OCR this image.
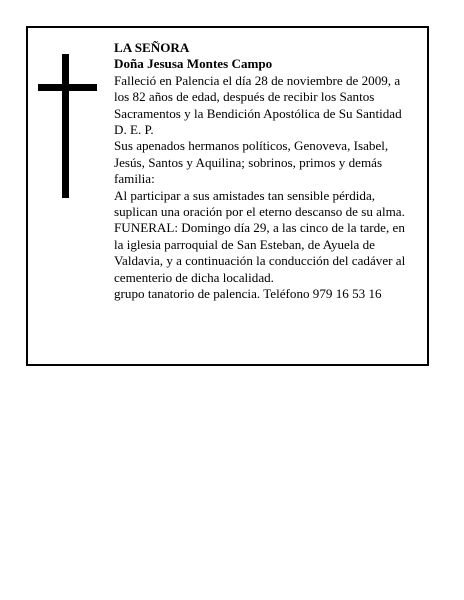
LA SEÑORA
Doña Jesusa Montes Campo
Falleció en Palencia el día 28 de noviembre de 2009, a
los 82 años de edad, después de recibir los Santos
Sacramentos y la Bendición Apostólica de Su Santidad
D. E. P.
Sus apenados hermanos políticos, Genoveva, Isabel,
Jesús, Santos y Aquilina; sobrinos, primos y demás
familia:
Al participar a sus amistades tan sensible pérdida,
suplican una oración por el eterno descanso de su alma.
FUNERAL: Domingo día 29, a las cinco de la tarde, en
la iglesia parroquial de San Esteban, de Ayuela de
Valdavia, y a continuación la conducción del cadáver al
cementerio de dicha localidad.
grupo tanatorio de palencia. Teléfono 979 16 53 16
